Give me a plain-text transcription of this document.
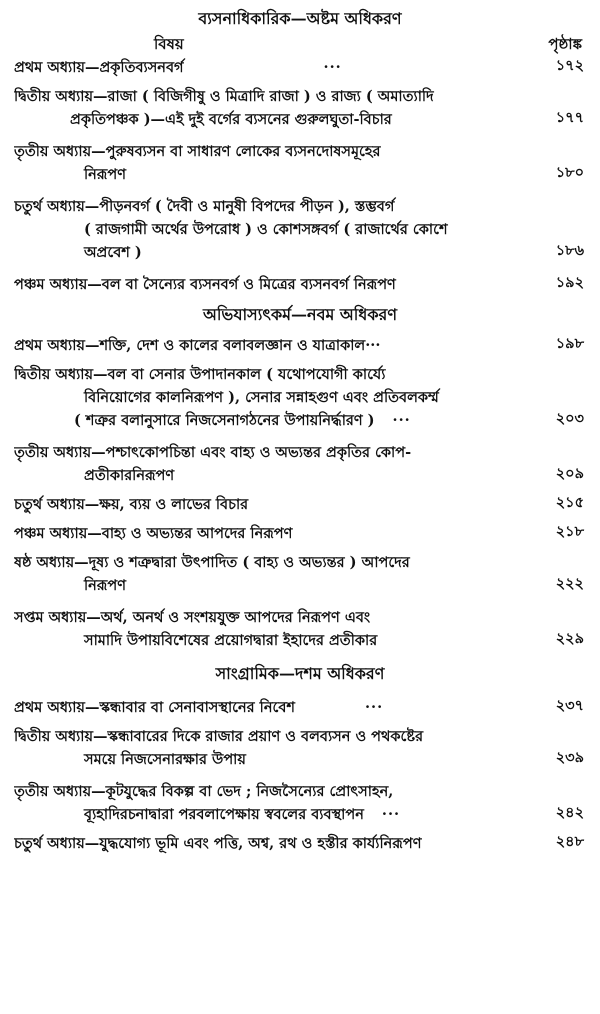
ব্যসনাধিকারিক—অষ্টম অধিকরণ
বিষয়	পৃষ্ঠাঙ্ক
প্রথম অধ্যায়—প্রকৃতিব্যসনবর্গ	···	১৭২
দ্বিতীয় অধ্যায়—রাজা ( বিজিগীষু ও মিত্রাদি রাজা ) ও রাজ্য ( অমাত্যাদি
প্রকৃতিপঞ্চক )—এই দুই বর্গের ব্যসনের গুরুলঘুতা-বিচার	১৭৭
তৃতীয় অধ্যায়—পুরুষব্যসন বা সাধারণ লোকের ব্যসনদোষসমূহের
নিরূপণ	১৮০
চতুর্থ অধ্যায়—পীড়নবর্গ ( দৈবী ও মানুষী বিপদের পীড়ন ), স্তম্ভবর্গ
( রাজগামী অর্থের উপরোধ ) ও কোশসঙ্গবর্গ ( রাজার্থের কোশে
অপ্রবেশ )	১৮৬
পঞ্চম অধ্যায়—বল বা সৈন্যের ব্যসনবর্গ ও মিত্রের ব্যসনবর্গ নিরূপণ	১৯২
অভিযাস্যৎকর্ম—নবম অধিকরণ
প্রথম অধ্যায়—শক্তি, দেশ ও কালের বলাবলজ্ঞান ও যাত্রাকাল···	১৯৮
দ্বিতীয় অধ্যায়—বল বা সেনার উপাদানকাল ( যথোপযোগী কার্য্যে
বিনিয়োগের কালনিরূপণ ), সেনার সন্নাহগুণ এবং প্রতিবলকর্ম্ম
( শত্রুর বলানুসারে নিজসেনাগঠনের উপায়নির্দ্ধারণ ) ···	২০৩
তৃতীয় অধ্যায়—পশ্চাৎকোপচিন্তা এবং বাহ্য ও অভ্যন্তর প্রকৃতির কোপ-
প্রতীকারনিরূপণ	২০৯
চতুর্থ অধ্যায়—ক্ষয়, ব্যয় ও লাভের বিচার	২১৫
পঞ্চম অধ্যায়—বাহ্য ও অভ্যন্তর আপদের নিরূপণ	২১৮
ষষ্ঠ অধ্যায়—দূষ্য ও শত্রুদ্বারা উৎপাদিত ( বাহ্য ও অভ্যন্তর ) আপদের
নিরূপণ	২২২
সপ্তম অধ্যায়—অর্থ, অনর্থ ও সংশয়যুক্ত আপদের নিরূপণ এবং
সামাদি উপায়বিশেষের প্রয়োগদ্বারা ইহাদের প্রতীকার	২২৯
সাংগ্রামিক—দশম অধিকরণ
প্রথম অধ্যায়—স্কন্ধাবার বা সেনাবাসস্থানের নিবেশ	···	২৩৭
দ্বিতীয় অধ্যায়—স্কন্ধাবারের দিকে রাজার প্রয়াণ ও বলব্যসন ও পথকষ্টের
সময়ে নিজসেনারক্ষার উপায়	২৩৯
তৃতীয় অধ্যায়—কূটযুদ্ধের বিকল্প বা ভেদ ; নিজসৈন্যের প্রোৎসাহন,
ব্যূহাদিরচনাদ্বারা পরবলাপেক্ষায় স্ববলের ব্যবস্থাপন ···	২৪২
চতুর্থ অধ্যায়—যুদ্ধযোগ্য ভূমি এবং পত্তি, অশ্ব, রথ ও হস্তীর কার্য্যনিরূপণ	২৪৮
